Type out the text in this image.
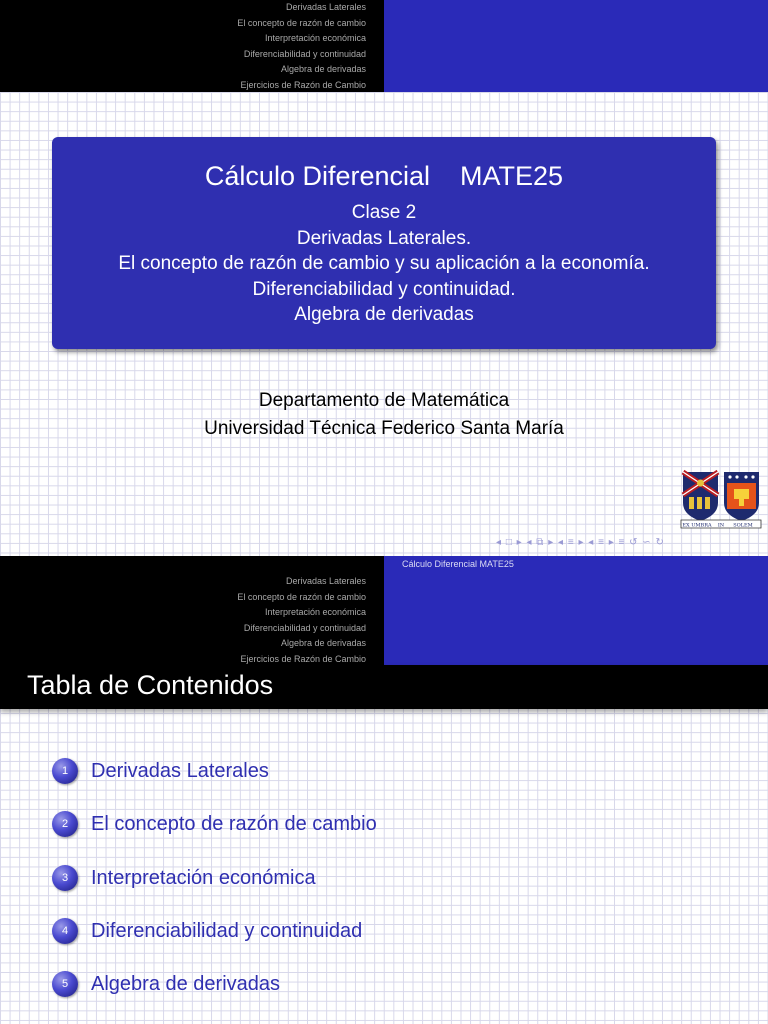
Derivadas Laterales
El concepto de razón de cambio
Interpretación económica
Diferenciabilidad y continuidad
Algebra de derivadas
Ejercicios de Razón de Cambio
Cálculo Diferencial    MATE25
Clase 2
Derivadas Laterales.
El concepto de razón de cambio y su aplicación a la economía.
Diferenciabilidad y continuidad.
Algebra de derivadas
Departamento de Matemática
Universidad Técnica Federico Santa María
EX UMBRA IN SOLEM
◂ □ ▸ ◂ ⧉ ▸ ◂ ≡ ▸ ◂ ≡ ▸ ≡ ↺ ∽ ↻
Derivadas Laterales
El concepto de razón de cambio
Interpretación económica
Diferenciabilidad y continuidad
Algebra de derivadas
Ejercicios de Razón de Cambio
Cálculo Diferencial MATE25
Tabla de Contenidos
1	Derivadas Laterales
2	El concepto de razón de cambio
3	Interpretación económica
4	Diferenciabilidad y continuidad
5	Algebra de derivadas
